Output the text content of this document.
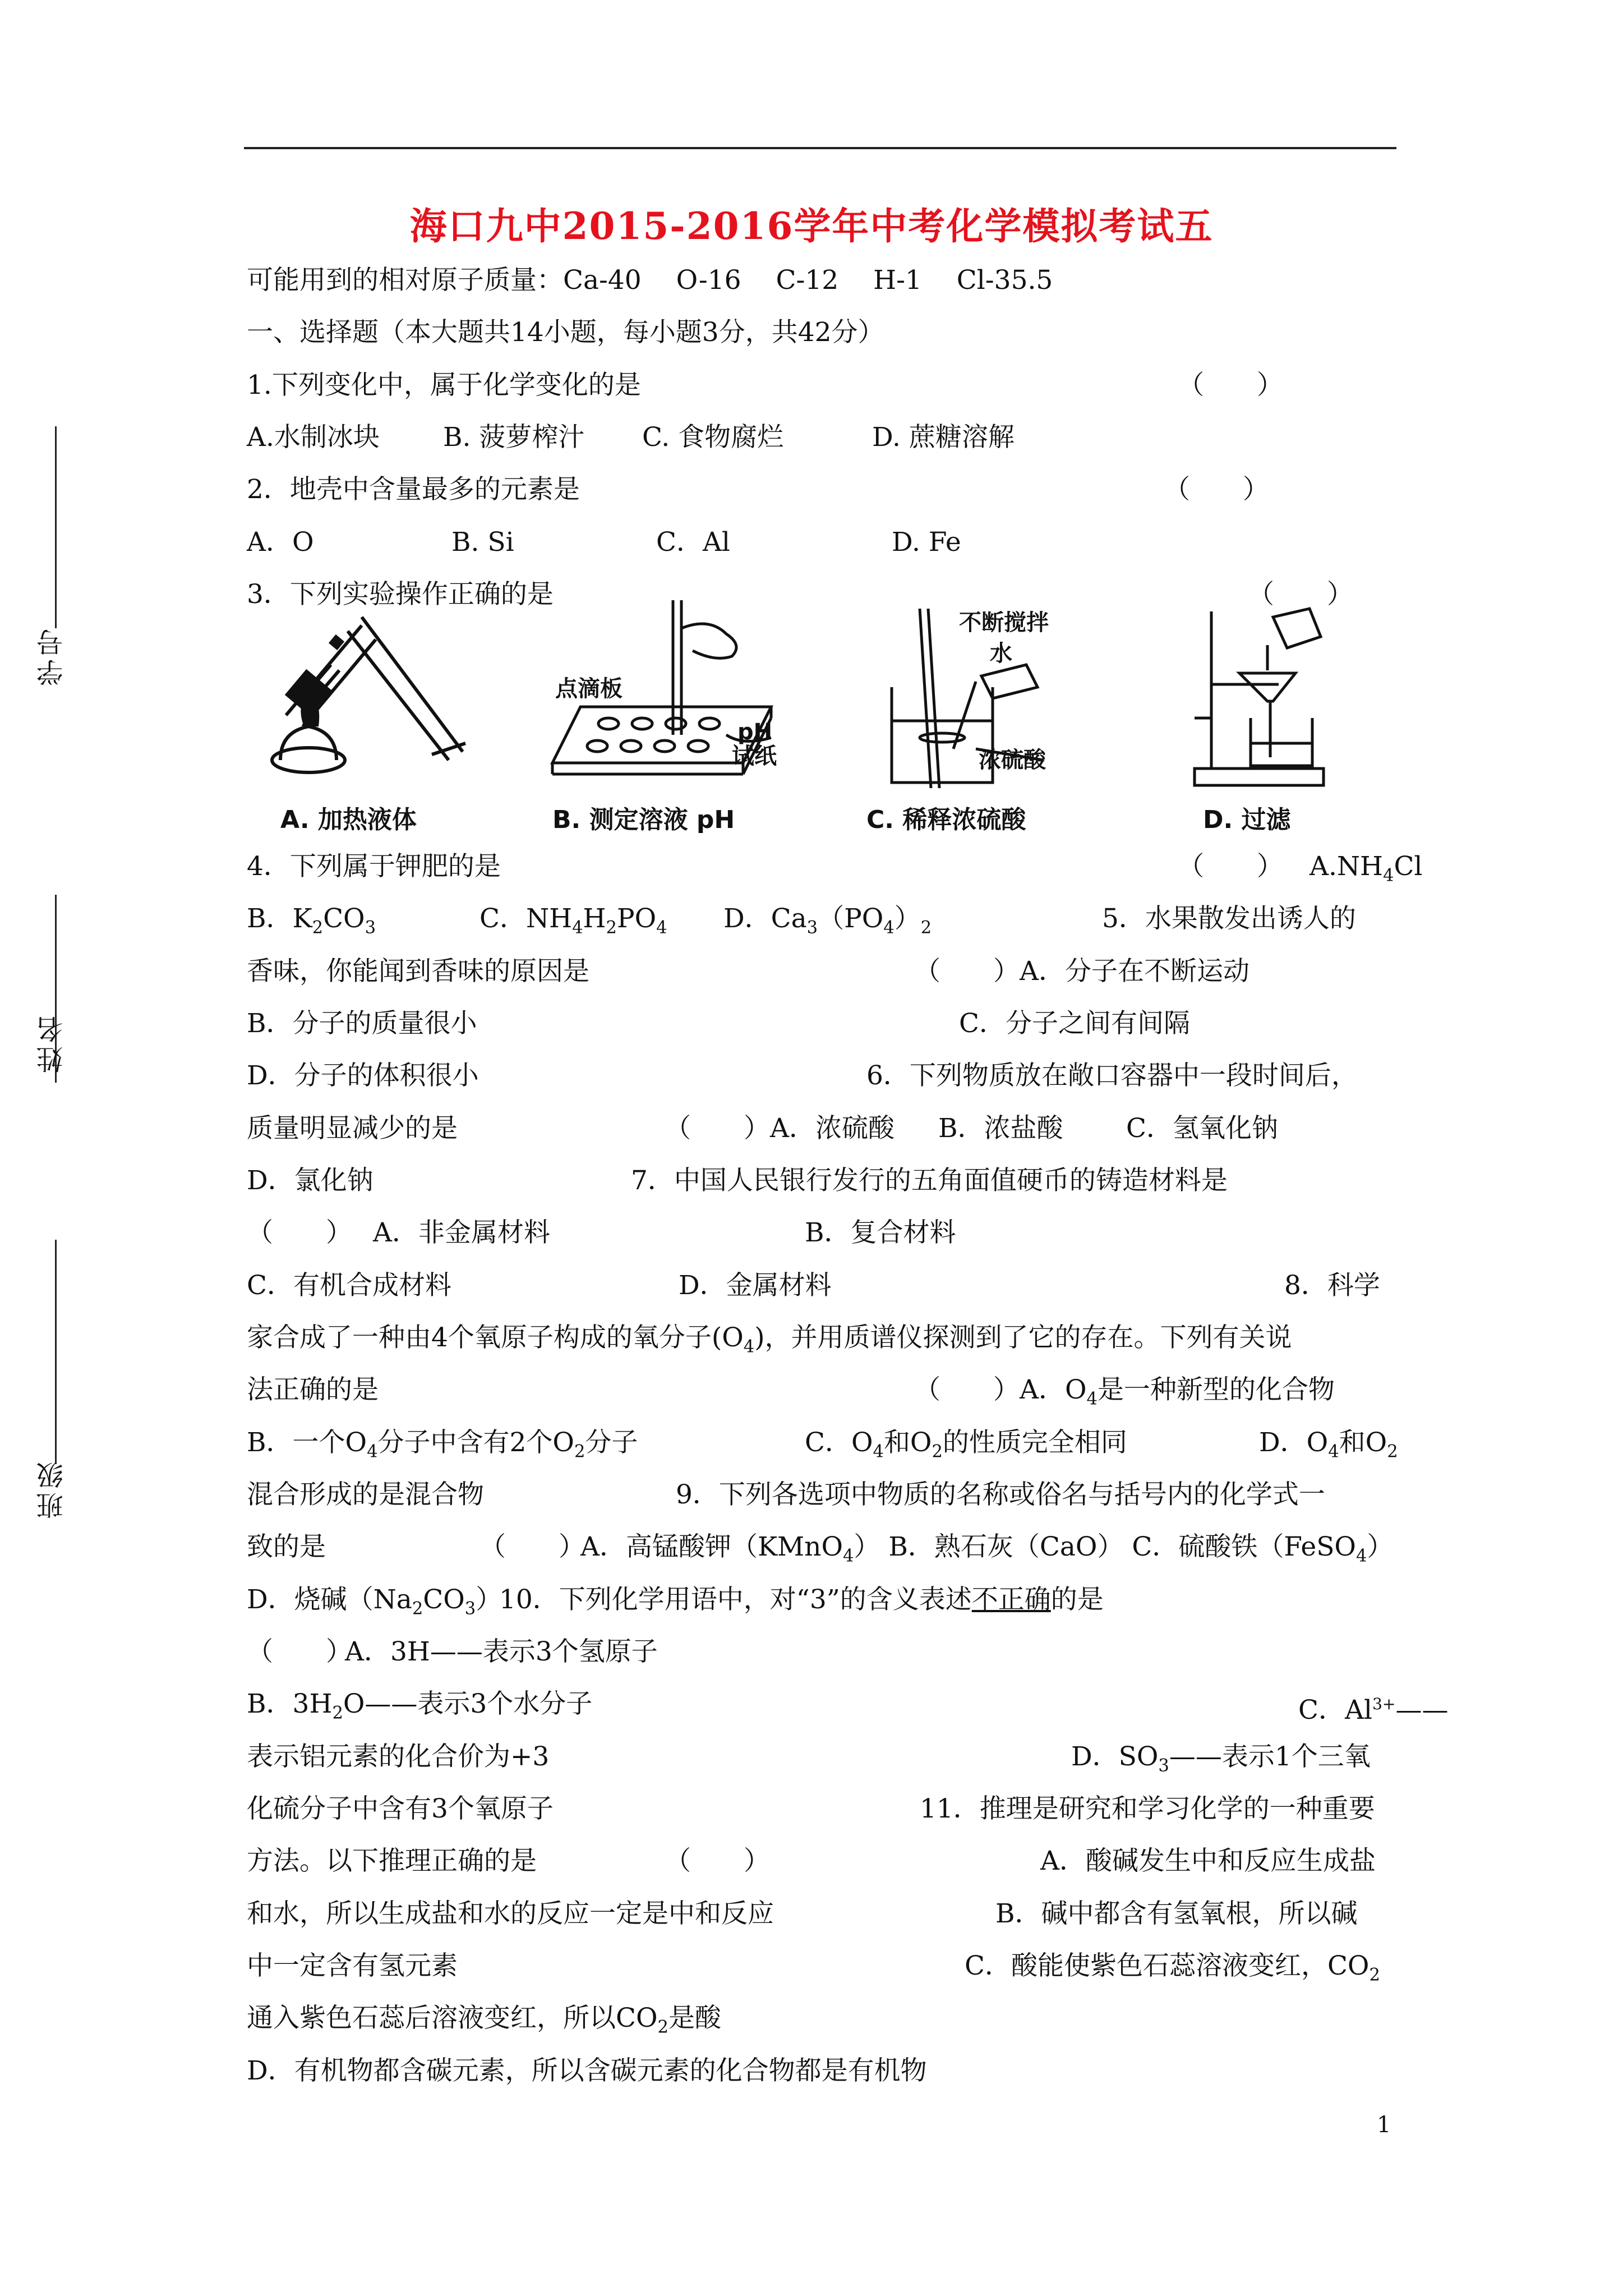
海口九中2015-2016学年中考化学模拟考试五
学号
姓名
班级
可能用到的相对原子质量：Ca-40　 O-16　 C-12　 H-1　 Cl-35.5
一、选择题（本大题共14小题，每小题3分，共42分）
1.下列变化中，属于化学变化的是	（　　）
A.水制冰块 B. 菠萝榨汁 C. 食物腐烂	D. 蔗糖溶解
2．地壳中含量最多的元素是	（　　）
A．O	B. Si	C．Al	D. Fe
3．下列实验操作正确的是	（　　）
点滴板
pH
试纸
不断搅拌
水
浓硫酸
A. 加热液体	B. 测定溶液 pH	C. 稀释浓硫酸	D. 过滤
4．下列属于钾肥的是	（　　） $A.NH_4Cl$
B．$K_2CO_3$	C．$NH_4H_2PO_4$ D．$Ca_3(PO_4)_2$	5．水果散发出诱人的
香味，你能闻到香味的原因是	（　　）A．分子在不断运动
B．分子的质量很小	C．分子之间有间隔
D．分子的体积很小	6．下列物质放在敞口容器中一段时间后，
质量明显减少的是	（　　）A．浓硫酸 B．浓盐酸 C．氢氧化钠
D．氯化钠	7．中国人民银行发行的五角面值硬币的铸造材料是
（　　） A．非金属材料	B．复合材料
C．有机合成材料	D．金属材料	8．科学
家合成了一种由4个氧原子构成的氧分子$(O_4)$，并用质谱仪探测到了它的存在。下列有关说
法正确的是	（　　）A．$O_4$是一种新型的化合物
B．一个$O_4$分子中含有2个$O_2$分子	C．$O_4$和$O_2$的性质完全相同	D．$O_4$和$O_2$
混合形成的是混合物	9．下列各选项中物质的名称或俗名与括号内的化学式一
致的是	（　　）A．高锰酸钾（KMnO$_4$） B．熟石灰（CaO） C．硫酸铁（FeSO$_4$）
D．烧碱$(Na_2CO_3)$
10．下列化学用语中，对“3”的含义表述不正确的是
（　　）A．3H——表示3个氢原子
B．$3H_2O——$表示3个水分子	C．$Al^{3+}——$
表示铝元素的化合价为+3	D．$SO_3——$表示1个三氧
化硫分子中含有3个氧原子	11．推理是研究和学习化学的一种重要
方法。以下推理正确的是	（　　）	A．酸碱发生中和反应生成盐
和水，所以生成盐和水的反应一定是中和反应	B．碱中都含有氢氧根，所以碱
中一定含有氢元素	C．酸能使紫色石蕊溶液变红，$CO_2$
通入紫色石蕊后溶液变红，所以$CO_2$是酸
D．有机物都含碳元素，所以含碳元素的化合物都是有机物
1
